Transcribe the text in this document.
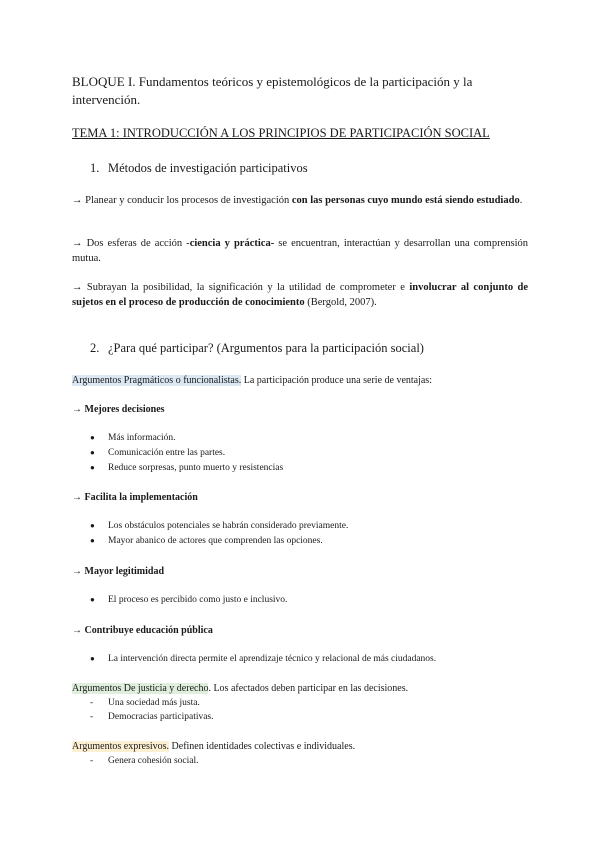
BLOQUE I. Fundamentos teóricos y epistemológicos de la participación y la intervención.
TEMA 1: INTRODUCCIÓN A LOS PRINCIPIOS DE PARTICIPACIÓN SOCIAL
1. Métodos de investigación participativos
→ Planear y conducir los procesos de investigación con las personas cuyo mundo está siendo estudiado.
→ Dos esferas de acción -ciencia y práctica- se encuentran, interactúan y desarrollan una comprensión mutua.
→ Subrayan la posibilidad, la significación y la utilidad de comprometer e involucrar al conjunto de sujetos en el proceso de producción de conocimiento (Bergold, 2007).
2. ¿Para qué participar? (Argumentos para la participación social)
Argumentos Pragmáticos o funcionalistas. La participación produce una serie de ventajas:
→ Mejores decisiones
● Más información.
● Comunicación entre las partes.
● Reduce sorpresas, punto muerto y resistencias
→ Facilita la implementación
● Los obstáculos potenciales se habrán considerado previamente.
● Mayor abanico de actores que comprenden las opciones.
→ Mayor legitimidad
● El proceso es percibido como justo e inclusivo.
→ Contribuye educación pública
● La intervención directa permite el aprendizaje técnico y relacional de más ciudadanos.
Argumentos De justicia y derecho. Los afectados deben participar en las decisiones.
- Una sociedad más justa.
- Democracias participativas.
Argumentos expresivos. Definen identidades colectivas e individuales.
- Genera cohesión social.
